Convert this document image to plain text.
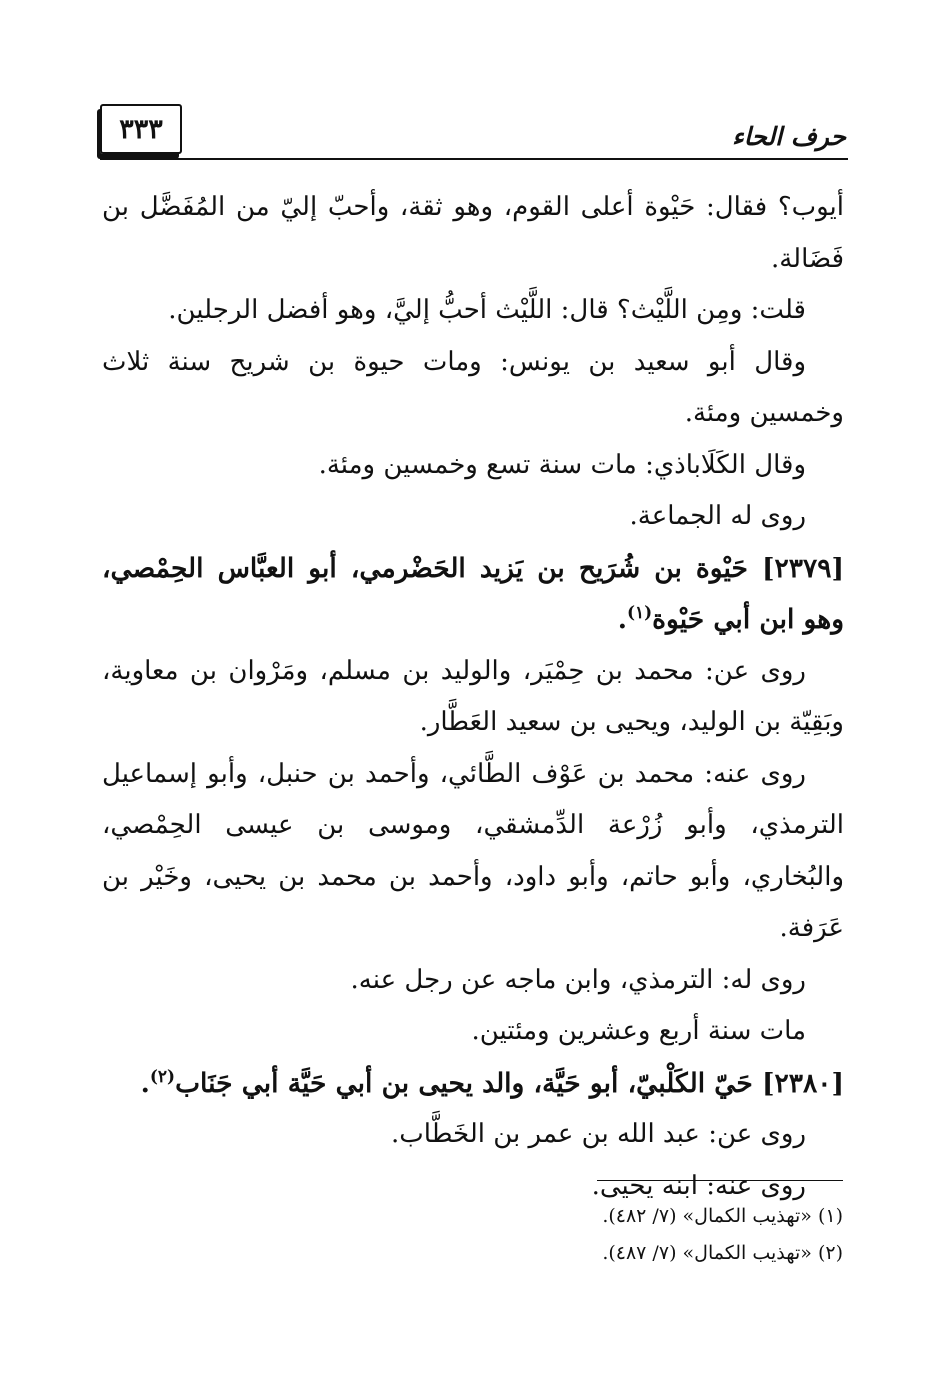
٣٣٣	حرف الحاء

أيوب؟ فقال: حَيْوة أعلى القوم، وهو ثقة، وأحبّ إليّ من المُفَضَّل بن فَضَالة.

قلت: ومِن اللَّيْث؟ قال: اللَّيْث أحبُّ إليَّ، وهو أفضل الرجلين.

وقال أبو سعيد بن يونس: ومات حيوة بن شريح سنة ثلاث وخمسين ومئة.

وقال الكَلَاباذي: مات سنة تسع وخمسين ومئة.

روى له الجماعة.

[٢٣٧٩] حَيْوة بن شُرَيح بن يَزيد الحَضْرمي، أبو العبَّاس الحِمْصي، وهو ابن أبي حَيْوة$^{(١)}$.

روى عن: محمد بن حِمْيَر، والوليد بن مسلم، ومَرْوان بن معاوية، وبَقِيّة بن الوليد، ويحيى بن سعيد العَطَّار.

روى عنه: محمد بن عَوْف الطَّائي، وأحمد بن حنبل، وأبو إسماعيل الترمذي، وأبو زُرْعة الدِّمشقي، وموسى بن عيسى الحِمْصي، والبُخاري، وأبو حاتم، وأبو داود، وأحمد بن محمد بن يحيى، وخَيْر بن عَرَفة.

روى له: الترمذي، وابن ماجه عن رجل عنه.

مات سنة أربع وعشرين ومئتين.

[٢٣٨٠] حَيّ الكَلْبيّ، أبو حَيَّة، والد يحيى بن أبي حَيَّة أبي جَنَاب$^{(٢)}$.

روى عن: عبد الله بن عمر بن الخَطَّاب.

روى عنه: ابنه يحيى.

(١) «تهذيب الكمال» (٧/ ٤٨٢).

(٢) «تهذيب الكمال» (٧/ ٤٨٧).
